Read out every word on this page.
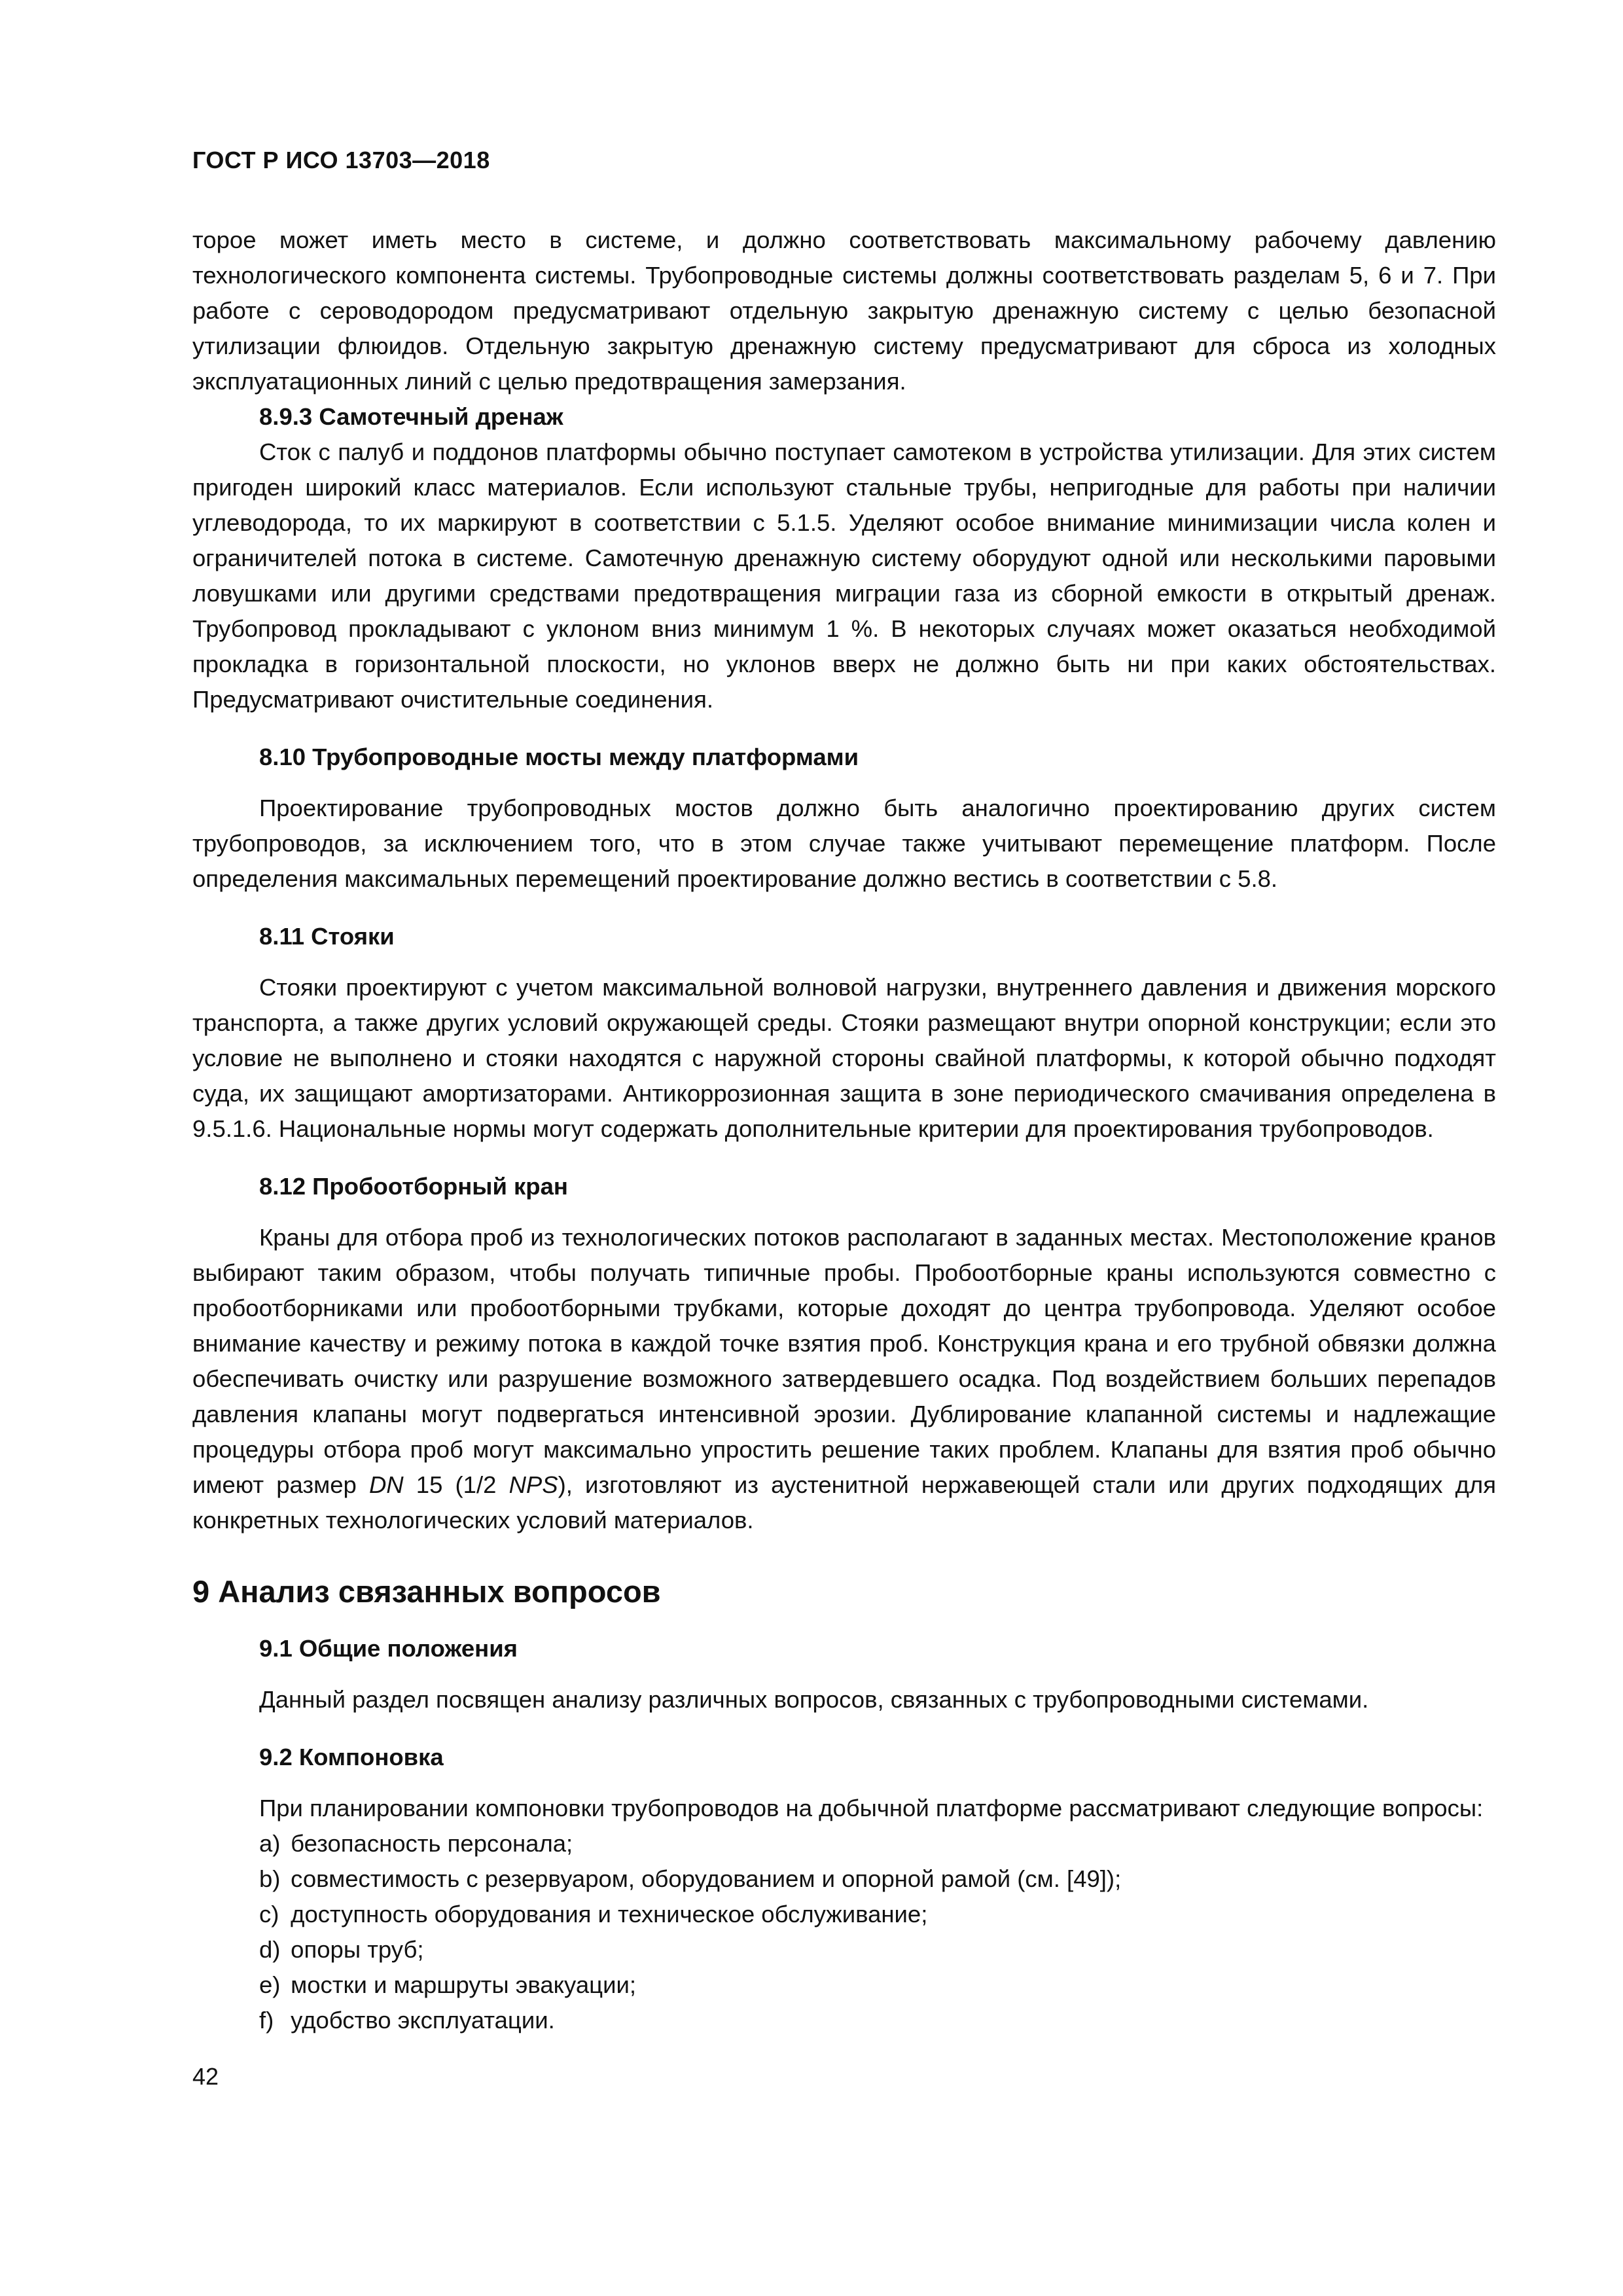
ГОСТ Р ИСО 13703—2018

торое может иметь место в системе, и должно соответствовать максимальному рабочему давлению технологического компонента системы. Трубопроводные системы должны соответствовать разделам 5, 6 и 7. При работе с сероводородом предусматривают отдельную закрытую дренажную систему с целью безопасной утилизации флюидов. Отдельную закрытую дренажную систему предусматривают для сброса из холодных эксплуатационных линий с целью предотвращения замерзания.

8.9.3 Самотечный дренаж

Сток с палуб и поддонов платформы обычно поступает самотеком в устройства утилизации. Для этих систем пригоден широкий класс материалов. Если используют стальные трубы, непригодные для работы при наличии углеводорода, то их маркируют в соответствии с 5.1.5. Уделяют особое внимание минимизации числа колен и ограничителей потока в системе. Самотечную дренажную систему оборудуют одной или несколькими паровыми ловушками или другими средствами предотвращения миграции газа из сборной емкости в открытый дренаж. Трубопровод прокладывают с уклоном вниз минимум 1 %. В некоторых случаях может оказаться необходимой прокладка в горизонтальной плоскости, но уклонов вверх не должно быть ни при каких обстоятельствах. Предусматривают очистительные соединения.

8.10 Трубопроводные мосты между платформами

Проектирование трубопроводных мостов должно быть аналогично проектированию других систем трубопроводов, за исключением того, что в этом случае также учитывают перемещение платформ. После определения максимальных перемещений проектирование должно вестись в соответствии с 5.8.

8.11 Стояки

Стояки проектируют с учетом максимальной волновой нагрузки, внутреннего давления и движения морского транспорта, а также других условий окружающей среды. Стояки размещают внутри опорной конструкции; если это условие не выполнено и стояки находятся с наружной стороны свайной платформы, к которой обычно подходят суда, их защищают амортизаторами. Антикоррозионная защита в зоне периодического смачивания определена в 9.5.1.6. Национальные нормы могут содержать дополнительные критерии для проектирования трубопроводов.

8.12 Пробоотборный кран

Краны для отбора проб из технологических потоков располагают в заданных местах. Местоположение кранов выбирают таким образом, чтобы получать типичные пробы. Пробоотборные краны используются совместно с пробоотборниками или пробоотборными трубками, которые доходят до центра трубопровода. Уделяют особое внимание качеству и режиму потока в каждой точке взятия проб. Конструкция крана и его трубной обвязки должна обеспечивать очистку или разрушение возможного затвердевшего осадка. Под воздействием больших перепадов давления клапаны могут подвергаться интенсивной эрозии. Дублирование клапанной системы и надлежащие процедуры отбора проб могут максимально упростить решение таких проблем. Клапаны для взятия проб обычно имеют размер DN 15 (1/2 NPS), изготовляют из аустенитной нержавеющей стали или других подходящих для конкретных технологических условий материалов.

9 Анализ связанных вопросов
9.1 Общие положения

Данный раздел посвящен анализу различных вопросов, связанных с трубопроводными системами.

9.2 Компоновка

При планировании компоновки трубопроводов на добычной платформе рассматривают следующие вопросы:

a) безопасность персонала;
b) совместимость с резервуаром, оборудованием и опорной рамой (см. [49]);
c) доступность оборудования и техническое обслуживание;
d) опоры труб;
e) мостки и маршруты эвакуации;
f) удобство эксплуатации.
42
